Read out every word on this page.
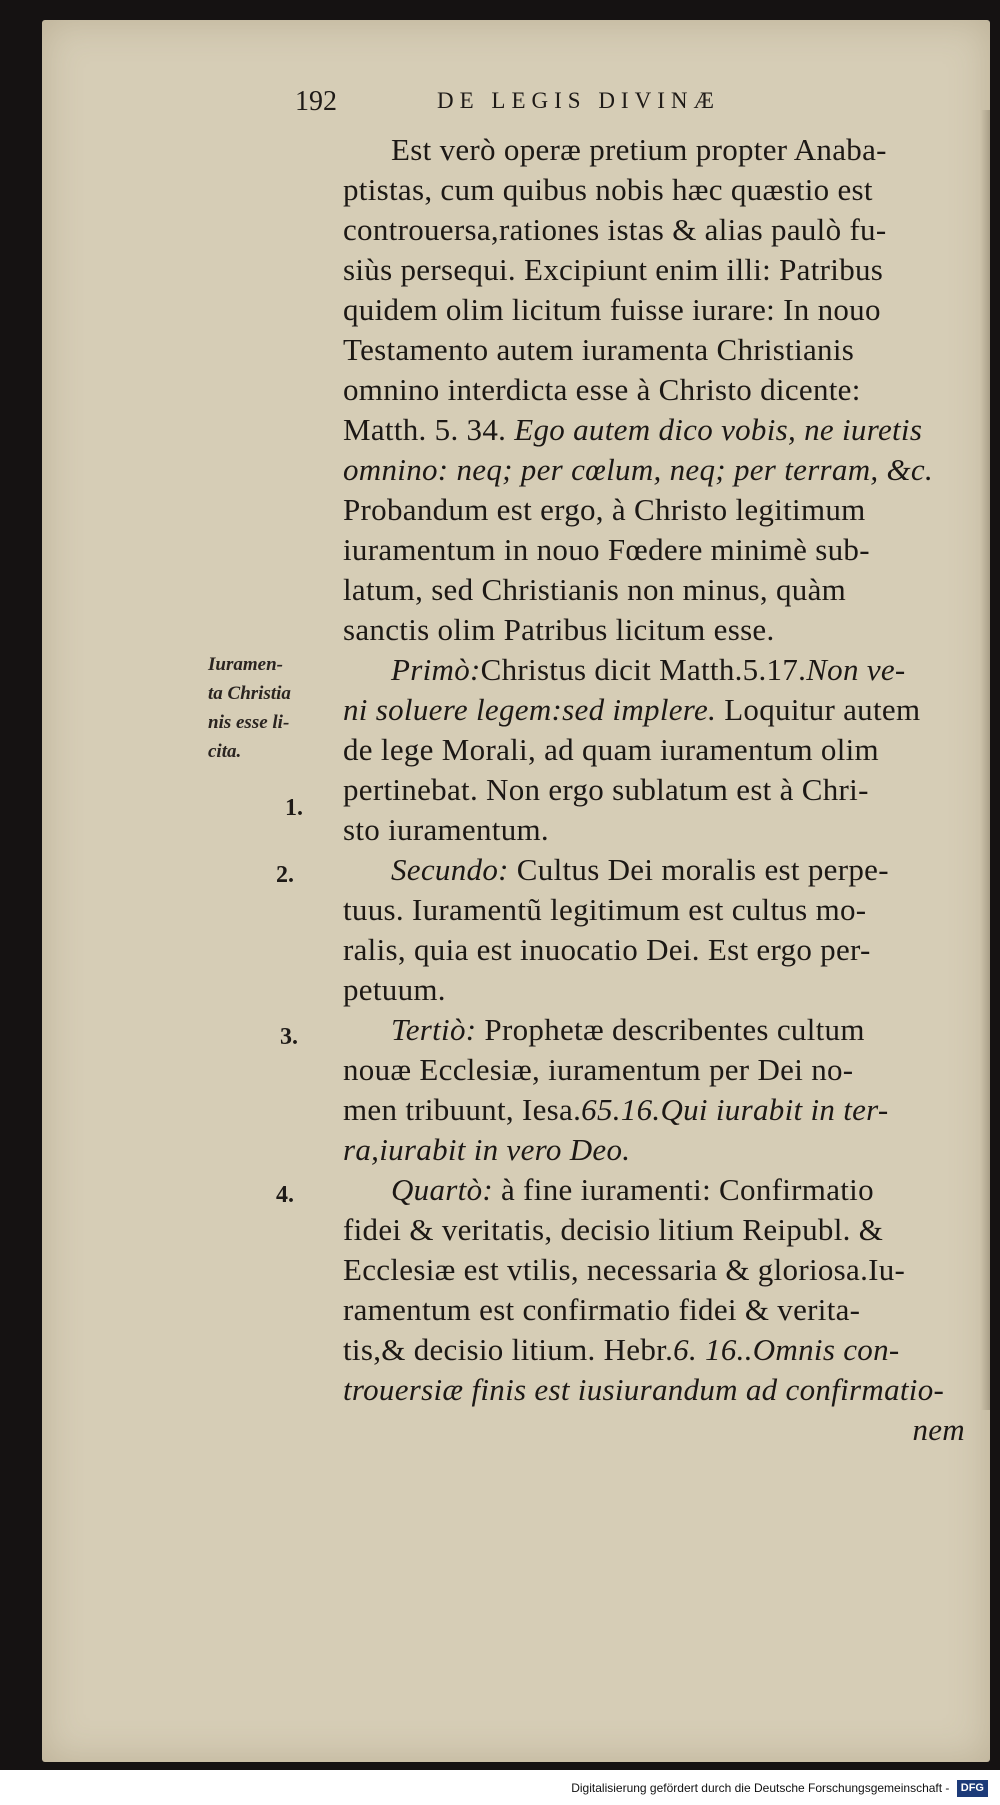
192	DE LEGIS DIVINÆ
Est verò operæ pretium propter Anaba-
ptistas, cum quibus nobis hæc quæstio est
controuersa,rationes istas & alias paulò fu-
siùs persequi. Excipiunt enim illi: Patribus
quidem olim licitum fuisse iurare: In nouo
Testamento autem iuramenta Christianis
omnino interdicta esse à Christo dicente:
Matth. 5. 34. Ego autem dico vobis, ne iuretis
omnino: neq; per cœlum, neq; per terram, &c.
Probandum est ergo, à Christo legitimum
iuramentum in nouo Fœdere minimè sub-
latum, sed Christianis non minus, quàm
sanctis olim Patribus licitum esse.
Primò:Christus dicit Matth.5.17.Non ve-
ni soluere legem:sed implere. Loquitur autem
de lege Morali, ad quam iuramentum olim
pertinebat. Non ergo sublatum est à Chri-
sto iuramentum.
Secundo: Cultus Dei moralis est perpe-
tuus. Iuramentũ legitimum est cultus mo-
ralis, quia est inuocatio Dei. Est ergo per-
petuum.
Tertiò: Prophetæ describentes cultum
nouæ Ecclesiæ, iuramentum per Dei no-
men tribuunt, Iesa.65.16.Qui iurabit in ter-
ra,iurabit in vero Deo.
Quartò: à fine iuramenti: Confirmatio
fidei & veritatis, decisio litium Reipubl. &
Ecclesiæ est vtilis, necessaria & gloriosa.Iu-
ramentum est confirmatio fidei & verita-
tis,& decisio litium. Hebr.6. 16..Omnis con-
trouersiæ finis est iusiurandum ad confirmatio-
nem
Iuramen-
ta Christia
nis esse li-
cita.
1.
2.
3.
4.
Digitalisierung gefördert durch die Deutsche Forschungsgemeinschaft - DFG
